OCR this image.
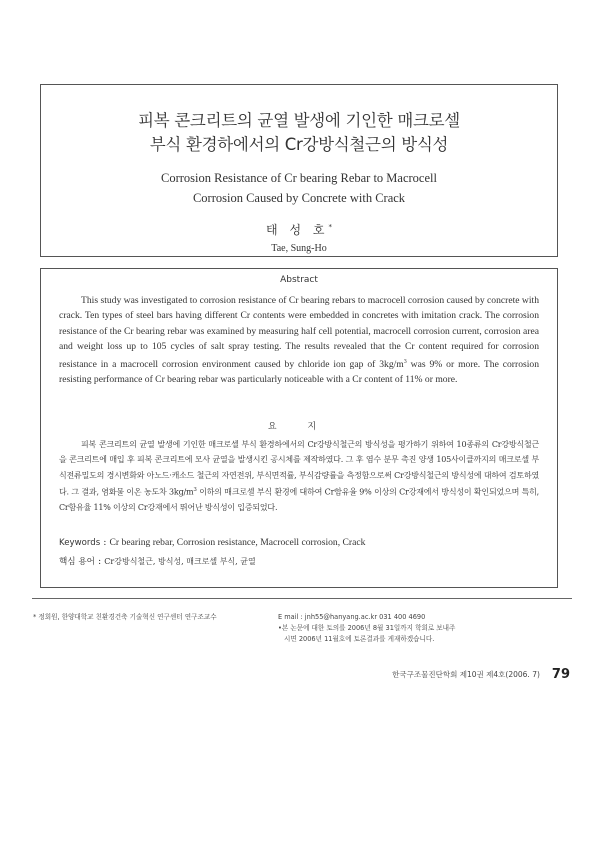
피복 콘크리트의 균열 발생에 기인한 매크로셀
부식 환경하에서의 Cr강방식철근의 방식성
Corrosion Resistance of Cr bearing Rebar to Macrocell
Corrosion Caused by Concrete with Crack
태 성 호*
Tae, Sung-Ho
Abstract

This study was investigated to corrosion resistance of Cr bearing rebars to macrocell corrosion caused by concrete with crack. Ten types of steel bars having different Cr contents were embedded in concretes with imitation crack. The corrosion resistance of the Cr bearing rebar was examined by measuring half cell potential, macrocell corrosion current, corrosion area and weight loss up to 105 cycles of salt spray testing. The results revealed that the Cr content required for corrosion resistance in a macrocell corrosion environment caused by chloride ion gap of $3kg/m^3$ was 9% or more. The corrosion resisting performance of Cr bearing rebar was particularly noticeable with a Cr content of 11% or more.

요 지

피복 콘크리트의 균열 발생에 기인한 매크로셀 부식 환경하에서의 Cr강방식철근의 방식성을 평가하기 위하여 10종류의 Cr강방식철근을 콘크리트에 매입 후 피복 콘크리트에 모사 균열을 발생시킨 공시체를 제작하였다. 그 후 염수 분무 촉진 양생 105사이클까지의 매크로셀 부식전류밀도의 경시변화와 아노드·캐소드 철근의 자연전위, 부식면적률, 부식감량률을 측정함으로써 Cr강방식철근의 방식성에 대하여 검토하였다. 그 결과, 염화물 이온 농도차 $3kg/m^3$ 이하의 매크로셀 부식 환경에 대하여 Cr함유율 9% 이상의 Cr강재에서 방식성이 확인되었으며 특히, Cr함유율 11% 이상의 Cr강재에서 뛰어난 방식성이 입증되었다.

Keywords : Cr bearing rebar, Corrosion resistance, Macrocell corrosion, Crack
핵심 용어 : Cr강방식철근, 방식성, 매크로셀 부식, 균열
* 정회원, 한양대학교 친환경건축 기술혁신 연구센터 연구조교수	E mail : jnh55@hanyang.ac.kr 031 400 4690
•본 논문에 대한 토의를 2006년 8월 31일까지 학회로 보내주
시면 2006년 11월호에 토론결과를 게재하겠습니다.
한국구조물진단학회 제10권 제4호(2006. 7) 79
